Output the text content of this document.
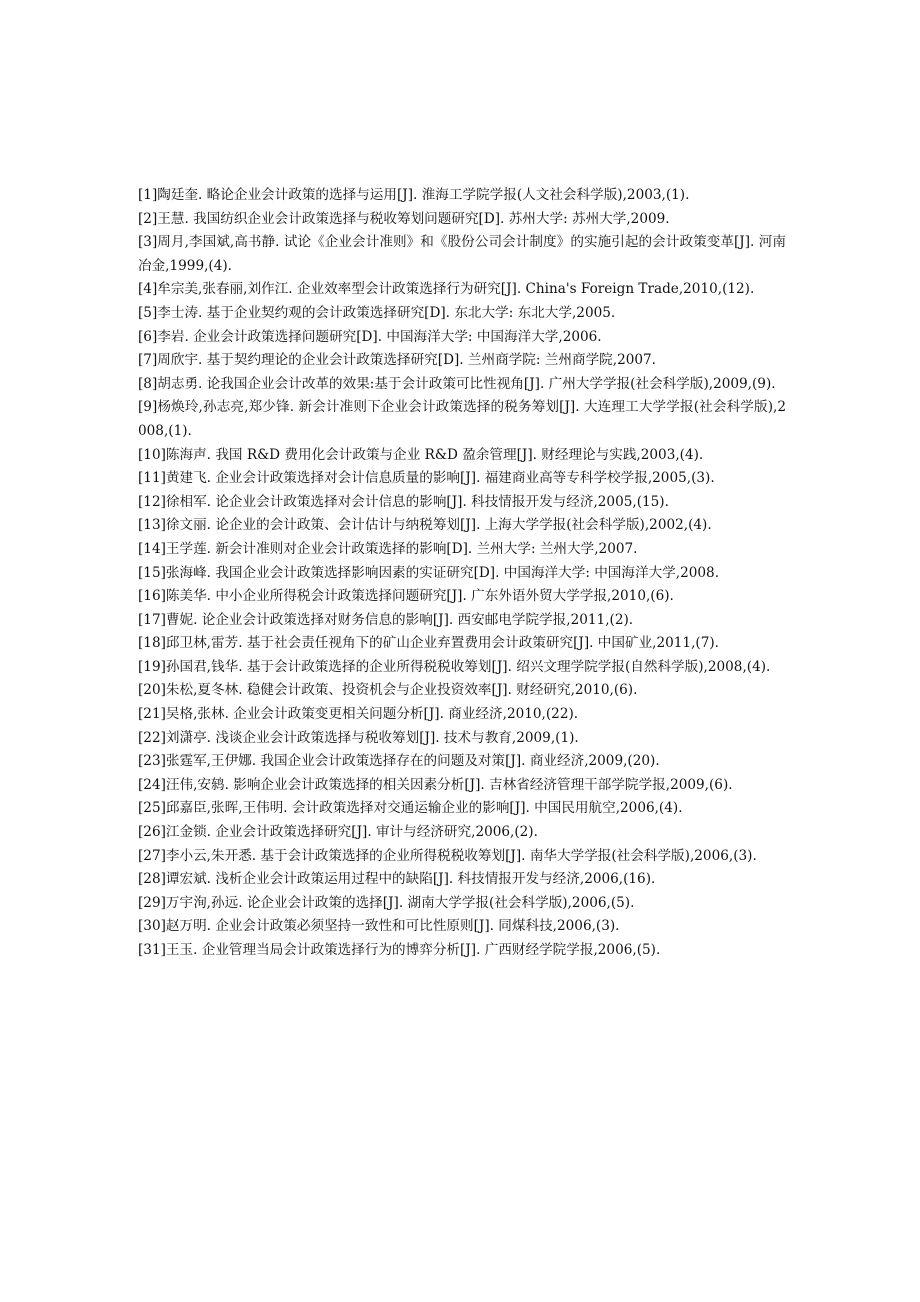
[1]陶廷奎. 略论企业会计政策的选择与运用[J]. 淮海工学院学报(人文社会科学版),2003,(1).
[2]王慧. 我国纺织企业会计政策选择与税收筹划问题研究[D]. 苏州大学: 苏州大学,2009.
[3]周月,李国斌,高书静. 试论《企业会计准则》和《股份公司会计制度》的实施引起的会计政策变革[J]. 河南冶金,1999,(4).
[4]牟宗美,张春丽,刘作江. 企业效率型会计政策选择行为研究[J]. China's Foreign Trade,2010,(12).
[5]李士涛. 基于企业契约观的会计政策选择研究[D]. 东北大学: 东北大学,2005.
[6]李岩. 企业会计政策选择问题研究[D]. 中国海洋大学: 中国海洋大学,2006.
[7]周欣宇. 基于契约理论的企业会计政策选择研究[D]. 兰州商学院: 兰州商学院,2007.
[8]胡志勇. 论我国企业会计改革的效果:基于会计政策可比性视角[J]. 广州大学学报(社会科学版),2009,(9).
[9]杨焕玲,孙志亮,郑少锋. 新会计准则下企业会计政策选择的税务筹划[J]. 大连理工大学学报(社会科学版),2008,(1).
[10]陈海声. 我国 R&D 费用化会计政策与企业 R&D 盈余管理[J]. 财经理论与实践,2003,(4).
[11]黄建飞. 企业会计政策选择对会计信息质量的影响[J]. 福建商业高等专科学校学报,2005,(3).
[12]徐相军. 论企业会计政策选择对会计信息的影响[J]. 科技情报开发与经济,2005,(15).
[13]徐文丽. 论企业的会计政策、会计估计与纳税筹划[J]. 上海大学学报(社会科学版),2002,(4).
[14]王学莲. 新会计准则对企业会计政策选择的影响[D]. 兰州大学: 兰州大学,2007.
[15]张海峰. 我国企业会计政策选择影响因素的实证研究[D]. 中国海洋大学: 中国海洋大学,2008.
[16]陈美华. 中小企业所得税会计政策选择问题研究[J]. 广东外语外贸大学学报,2010,(6).
[17]曹妮. 论企业会计政策选择对财务信息的影响[J]. 西安邮电学院学报,2011,(2).
[18]邱卫林,雷芳. 基于社会责任视角下的矿山企业弃置费用会计政策研究[J]. 中国矿业,2011,(7).
[19]孙国君,钱华. 基于会计政策选择的企业所得税税收筹划[J]. 绍兴文理学院学报(自然科学版),2008,(4).
[20]朱松,夏冬林. 稳健会计政策、投资机会与企业投资效率[J]. 财经研究,2010,(6).
[21]吴格,张林. 企业会计政策变更相关问题分析[J]. 商业经济,2010,(22).
[22]刘潇亭. 浅谈企业会计政策选择与税收筹划[J]. 技术与教育,2009,(1).
[23]张霆军,王伊娜. 我国企业会计政策选择存在的问题及对策[J]. 商业经济,2009,(20).
[24]汪伟,安鸫. 影响企业会计政策选择的相关因素分析[J]. 吉林省经济管理干部学院学报,2009,(6).
[25]邱嘉臣,张晖,王伟明. 会计政策选择对交通运输企业的影响[J]. 中国民用航空,2006,(4).
[26]江金锁. 企业会计政策选择研究[J]. 审计与经济研究,2006,(2).
[27]李小云,朱开悉. 基于会计政策选择的企业所得税税收筹划[J]. 南华大学学报(社会科学版),2006,(3).
[28]谭宏斌. 浅析企业会计政策运用过程中的缺陷[J]. 科技情报开发与经济,2006,(16).
[29]万宇洵,孙远. 论企业会计政策的选择[J]. 湖南大学学报(社会科学版),2006,(5).
[30]赵万明. 企业会计政策必须坚持一致性和可比性原则[J]. 同煤科技,2006,(3).
[31]王玉. 企业管理当局会计政策选择行为的博弈分析[J]. 广西财经学院学报,2006,(5).
